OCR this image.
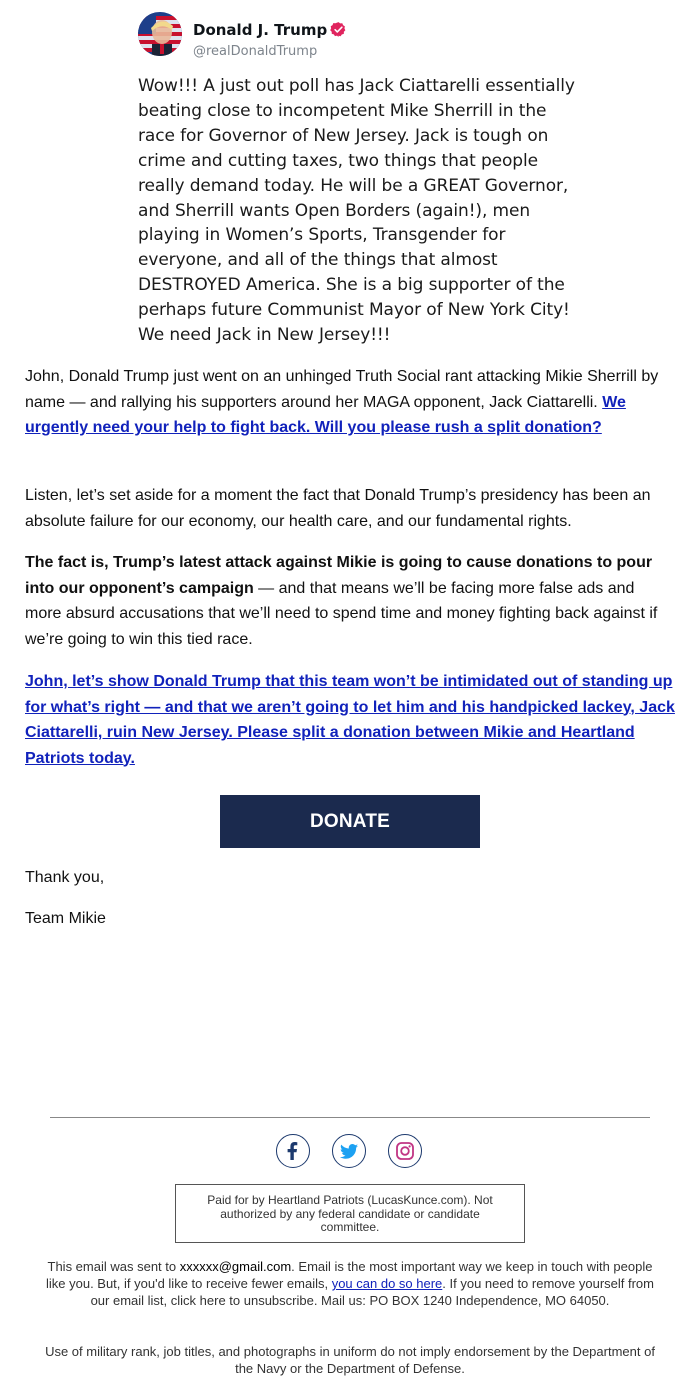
Donald J. Trump
@realDonaldTrump
Wow!!! A just out poll has Jack Ciattarelli essentially beating close to incompetent Mike Sherrill in the race for Governor of New Jersey. Jack is tough on crime and cutting taxes, two things that people really demand today. He will be a GREAT Governor, and Sherrill wants Open Borders (again!), men playing in Women’s Sports, Transgender for everyone, and all of the things that almost DESTROYED America. She is a big supporter of the perhaps future Communist Mayor of New York City! We need Jack in New Jersey!!!
John, Donald Trump just went on an unhinged Truth Social rant attacking Mikie Sherrill by name — and rallying his supporters around her MAGA opponent, Jack Ciattarelli. We urgently need your help to fight back. Will you please rush a split donation?
Listen, let’s set aside for a moment the fact that Donald Trump’s presidency has been an absolute failure for our economy, our health care, and our fundamental rights.
The fact is, Trump’s latest attack against Mikie is going to cause donations to pour into our opponent’s campaign — and that means we’ll be facing more false ads and more absurd accusations that we’ll need to spend time and money fighting back against if we’re going to win this tied race.
John, let’s show Donald Trump that this team won’t be intimidated out of standing up for what’s right — and that we aren’t going to let him and his handpicked lackey, Jack Ciattarelli, ruin New Jersey. Please split a donation between Mikie and Heartland Patriots today.
DONATE
Thank you,
Team Mikie
Paid for by Heartland Patriots (LucasKunce.com). Not authorized by any federal candidate or candidate committee.
This email was sent to xxxxxx@gmail.com. Email is the most important way we keep in touch with people like you. But, if you'd like to receive fewer emails, you can do so here. If you need to remove yourself from our email list, click here to unsubscribe. Mail us: PO BOX 1240 Independence, MO 64050.
Use of military rank, job titles, and photographs in uniform do not imply endorsement by the Department of the Navy or the Department of Defense.
